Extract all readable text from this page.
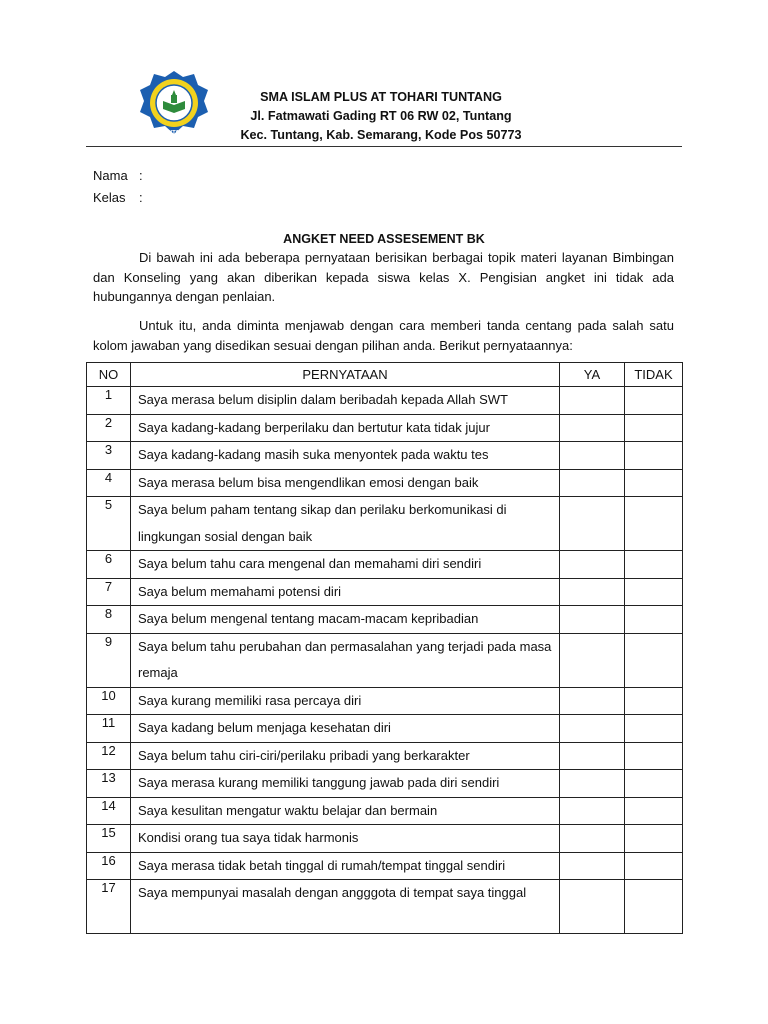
TUNTANG
SMA ISLAM PLUS AT TOHARI TUNTANG
Jl. Fatmawati Gading RT 06 RW 02, Tuntang
Kec. Tuntang, Kab. Semarang, Kode Pos 50773
Nama :
Kelas :
ANGKET NEED ASSESEMENT BK

Di bawah ini ada beberapa pernyataan berisikan berbagai topik materi layanan Bimbingan dan Konseling yang akan diberikan kepada siswa kelas X. Pengisian angket ini tidak ada hubungannya dengan penlaian.

Untuk itu, anda diminta menjawab dengan cara memberi tanda centang pada salah satu kolom jawaban yang disedikan sesuai dengan pilihan anda. Berikut pernyataannya:

NO	PERNYATAAN	YA	TIDAK
1	Saya merasa belum disiplin dalam beribadah kepada Allah SWT		
2	Saya kadang-kadang berperilaku dan bertutur kata tidak jujur		
3	Saya kadang-kadang masih suka menyontek pada waktu tes		
4	Saya merasa belum bisa mengendlikan emosi dengan baik		
5	Saya belum paham tentang sikap dan perilaku berkomunikasi di lingkungan sosial dengan baik		
6	Saya belum tahu cara mengenal dan memahami diri sendiri		
7	Saya belum memahami potensi diri		
8	Saya belum mengenal tentang macam-macam kepribadian		
9	Saya belum tahu perubahan dan permasalahan yang terjadi pada masa remaja		
10	Saya kurang memiliki rasa percaya diri		
11	Saya kadang belum menjaga kesehatan diri		
12	Saya belum tahu ciri-ciri/perilaku pribadi yang berkarakter		
13	Saya merasa kurang memiliki tanggung jawab pada diri sendiri		
14	Saya kesulitan mengatur waktu belajar dan bermain		
15	Kondisi orang tua saya tidak harmonis		
16	Saya merasa tidak betah tinggal di rumah/tempat tinggal sendiri		
17	Saya mempunyai masalah dengan angggota di tempat saya tinggal		
